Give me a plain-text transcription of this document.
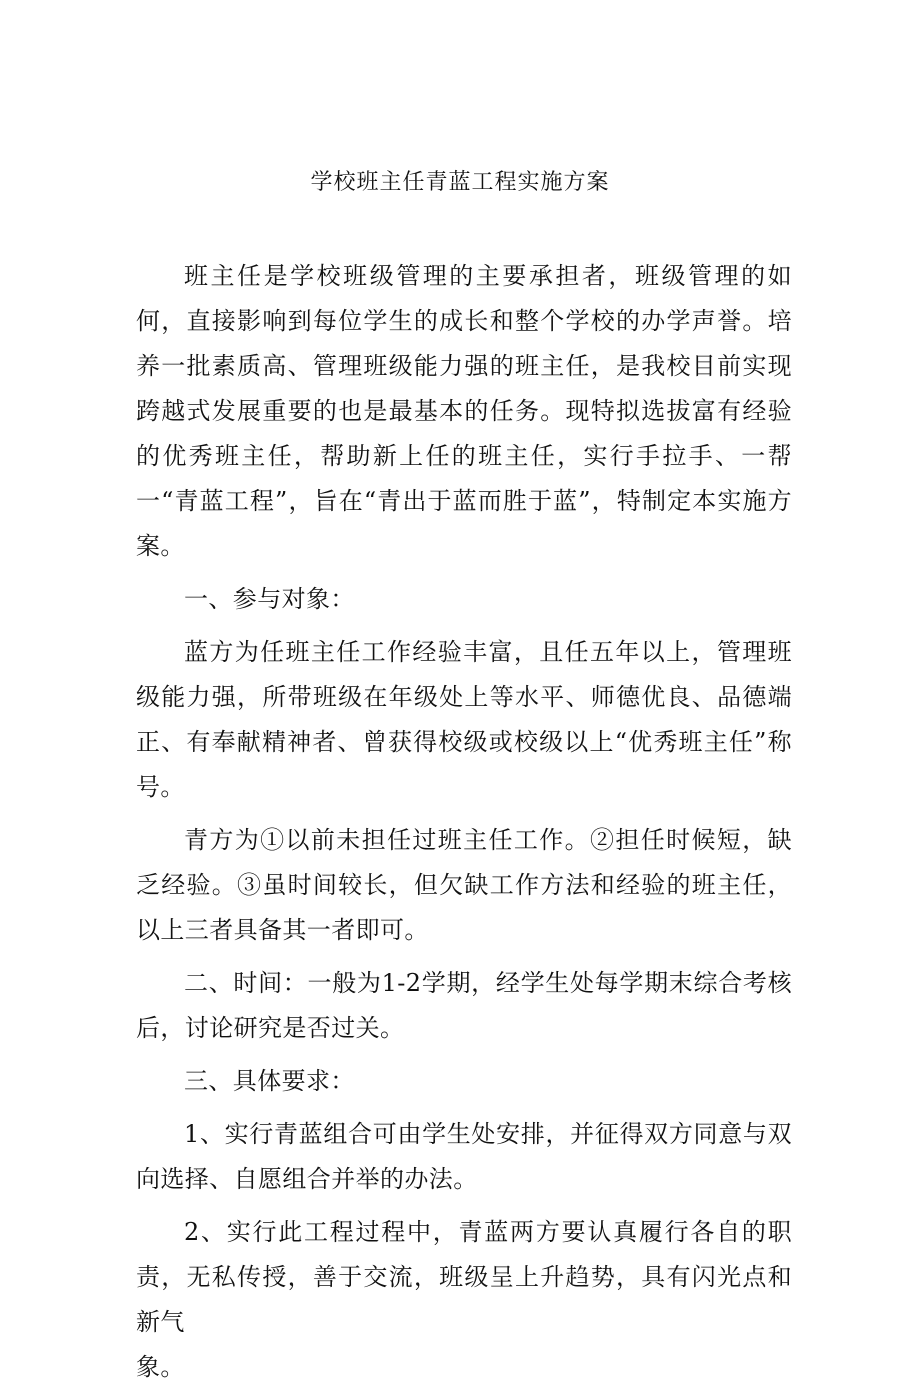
学校班主任青蓝工程实施方案

班主任是学校班级管理的主要承担者，班级管理的如何，直接影响到每位学生的成长和整个学校的办学声誉。培养一批素质高、管理班级能力强的班主任，是我校目前实现跨越式发展重要的也是最基本的任务。现特拟选拔富有经验的优秀班主任，帮助新上任的班主任，实行手拉手、一帮一“青蓝工程”，旨在“青出于蓝而胜于蓝”，特制定本实施方案。

一、参与对象：

蓝方为任班主任工作经验丰富，且任五年以上，管理班级能力强，所带班级在年级处上等水平、师德优良、品德端正、有奉献精神者、曾获得校级或校级以上“优秀班主任”称号。

青方为①以前未担任过班主任工作。②担任时候短，缺乏经验。③虽时间较长，但欠缺工作方法和经验的班主任，以上三者具备其一者即可。

二、时间：一般为1-2学期，经学生处每学期末综合考核后，讨论研究是否过关。

三、具体要求：

1、实行青蓝组合可由学生处安排，并征得双方同意与双向选择、自愿组合并举的办法。

2、实行此工程过程中，青蓝两方要认真履行各自的职责，无私传授，善于交流，班级呈上升趋势，具有闪光点和新气

象。
